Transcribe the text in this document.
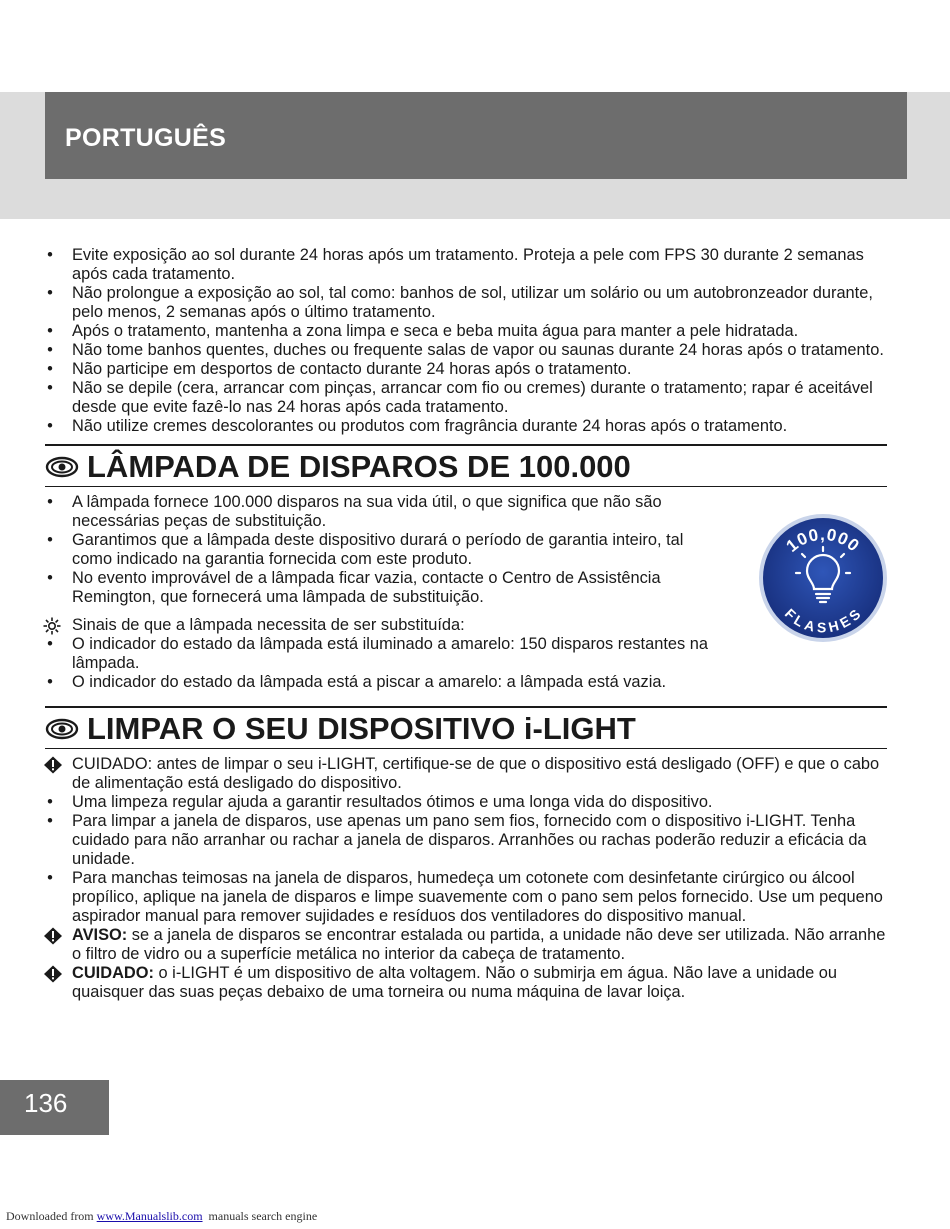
PORTUGUÊS
• Evite exposição ao sol durante 24 horas após um tratamento. Proteja a pele com FPS 30 durante 2 semanas após cada tratamento.
• Não prolongue a exposição ao sol, tal como: banhos de sol, utilizar um solário ou um autobronzeador durante, pelo menos, 2 semanas após o último tratamento.
• Após o tratamento, mantenha a zona limpa e seca e beba muita água para manter a pele hidratada.
• Não tome banhos quentes, duches ou frequente salas de vapor ou saunas durante 24 horas após o tratamento.
• Não participe em desportos de contacto durante 24 horas após o tratamento.
• Não se depile (cera, arrancar com pinças, arrancar com fio ou cremes) durante o tratamento; rapar é aceitável desde que evite fazê-lo nas 24 horas após cada tratamento.
• Não utilize cremes descolorantes ou produtos com fragrância durante 24 horas após o tratamento.
LÂMPADA DE DISPAROS DE 100.000
• A lâmpada fornece 100.000 disparos na sua vida útil, o que significa que não são necessárias peças de substituição.
• Garantimos que a lâmpada deste dispositivo durará o período de garantia inteiro, tal como indicado na garantia fornecida com este produto.
• No evento improvável de a lâmpada ficar vazia, contacte o Centro de Assistência Remington, que fornecerá uma lâmpada de substituição.
Sinais de que a lâmpada necessita de ser substituída:
• O indicador do estado da lâmpada está iluminado a amarelo: 150 disparos restantes na lâmpada.
• O indicador do estado da lâmpada está a piscar a amarelo: a lâmpada está vazia.
100,000
FLASHES
LIMPAR O SEU DISPOSITIVO i-LIGHT
CUIDADO: antes de limpar o seu i-LIGHT, certifique-se de que o dispositivo está desligado (OFF) e que o cabo de alimentação está desligado do dispositivo.
• Uma limpeza regular ajuda a garantir resultados ótimos e uma longa vida do dispositivo.
• Para limpar a janela de disparos, use apenas um pano sem fios, fornecido com o dispositivo i-LIGHT. Tenha cuidado para não arranhar ou rachar a janela de disparos. Arranhões ou rachas poderão reduzir a eficácia da unidade.
• Para manchas teimosas na janela de disparos, humedeça um cotonete com desinfetante cirúrgico ou álcool propílico, aplique na janela de disparos e limpe suavemente com o pano sem pelos fornecido. Use um pequeno aspirador manual para remover sujidades e resíduos dos ventiladores do dispositivo manual.
AVISO: se a janela de disparos se encontrar estalada ou partida, a unidade não deve ser utilizada. Não arranhe o filtro de vidro ou a superfície metálica no interior da cabeça de tratamento.
CUIDADO: o i-LIGHT é um dispositivo de alta voltagem. Não o submirja em água. Não lave a unidade ou quaisquer das suas peças debaixo de uma torneira ou numa máquina de lavar loiça.
136
Downloaded from www.Manualslib.com  manuals search engine
